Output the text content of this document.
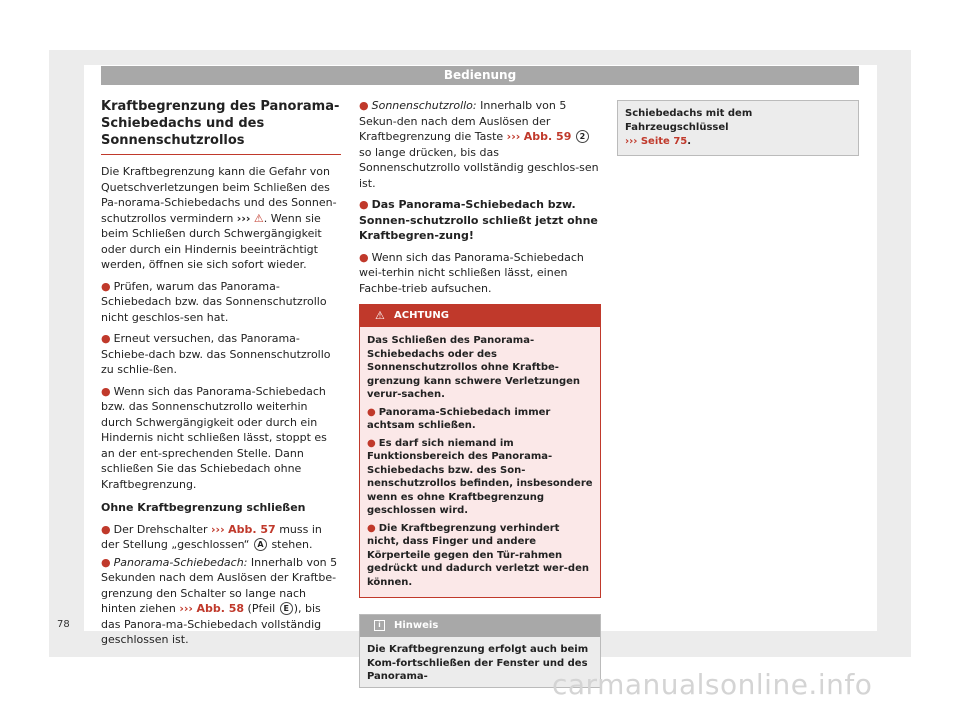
Bedienung
Kraftbegrenzung des Panorama-
Schiebedachs und des
Sonnenschutzrollos

Die Kraftbegrenzung kann die Gefahr von Quetschverletzungen beim Schließen des Pa-norama-Schiebedachs und des Sonnen-schutzrollos vermindern ››› ⚠. Wenn sie beim Schließen durch Schwergängigkeit oder durch ein Hindernis beeinträchtigt werden, öffnen sie sich sofort wieder.

● Prüfen, warum das Panorama-Schiebedach bzw. das Sonnenschutzrollo nicht geschlos-sen hat.
● Erneut versuchen, das Panorama-Schiebe-dach bzw. das Sonnenschutzrollo zu schlie-ßen.
● Wenn sich das Panorama-Schiebedach bzw. das Sonnenschutzrollo weiterhin durch Schwergängigkeit oder durch ein Hindernis nicht schließen lässt, stoppt es an der ent-sprechenden Stelle. Dann schließen Sie das Schiebedach ohne Kraftbegrenzung.

Ohne Kraftbegrenzung schließen

● Der Drehschalter ››› Abb. 57 muss in der Stellung „geschlossen“ A stehen.
● Panorama-Schiebedach: Innerhalb von 5 Sekunden nach dem Auslösen der Kraftbe-grenzung den Schalter so lange nach hinten ziehen ››› Abb. 58 (Pfeil E ), bis das Panora-ma-Schiebedach vollständig geschlossen ist.
● Sonnenschutzrollo: Innerhalb von 5 Sekun-den nach dem Auslösen der Kraftbegrenzung die Taste ››› Abb. 59 2 so lange drücken, bis das Sonnenschutzrollo vollständig geschlos-sen ist.
● Das Panorama-Schiebedach bzw. Sonnen-schutzrollo schließt jetzt ohne Kraftbegren-zung!
● Wenn sich das Panorama-Schiebedach wei-terhin nicht schließen lässt, einen Fachbe-trieb aufsuchen.
⚠ ACHTUNG

Das Schließen des Panorama-Schiebedachs oder des Sonnenschutzrollos ohne Kraftbe-grenzung kann schwere Verletzungen verur-sachen.

● Panorama-Schiebedach immer achtsam schließen.
● Es darf sich niemand im Funktionsbereich des Panorama-Schiebedachs bzw. des Son-nenschutzrollos befinden, insbesondere wenn es ohne Kraftbegrenzung geschlossen wird.
● Die Kraftbegrenzung verhindert nicht, dass Finger und andere Körperteile gegen den Tür-rahmen gedrückt und dadurch verletzt wer-den können.
i	Hinweis
Die Kraftbegrenzung erfolgt auch beim Kom-fortschließen der Fenster und des Panorama-
Schiebedachs mit dem Fahrzeugschlüssel
››› Seite 75.
78
carmanualsonline.info
